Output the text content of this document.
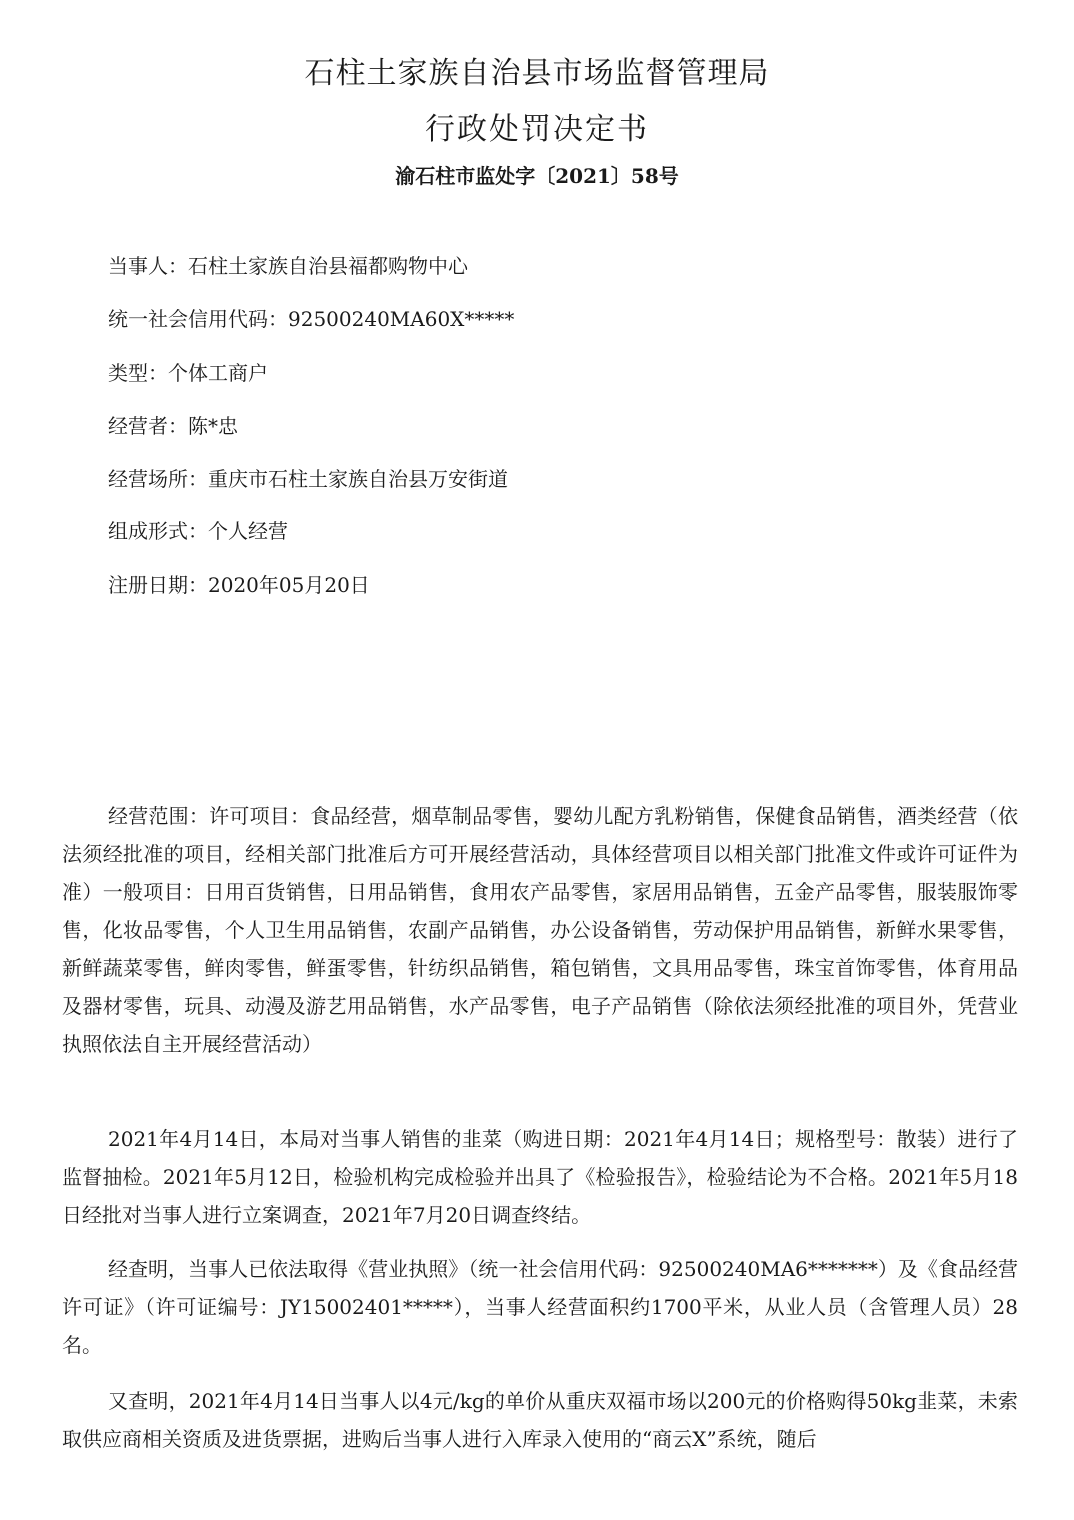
石柱土家族自治县市场监督管理局
行政处罚决定书
渝石柱市监处字〔2021〕58号
当事人：石柱土家族自治县福都购物中心
统一社会信用代码：92500240MA60X*****
类型：个体工商户
经营者：陈*忠
经营场所：重庆市石柱土家族自治县万安街道
组成形式：个人经营
注册日期：2020年05月20日
经营范围：许可项目：食品经营，烟草制品零售，婴幼儿配方乳粉销售，保健食品销售，酒类经营（依法须经批准的项目，经相关部门批准后方可开展经营活动，具体经营项目以相关部门批准文件或许可证件为准）一般项目：日用百货销售，日用品销售，食用农产品零售，家居用品销售，五金产品零售，服装服饰零售，化妆品零售，个人卫生用品销售，农副产品销售，办公设备销售，劳动保护用品销售，新鲜水果零售，新鲜蔬菜零售，鲜肉零售，鲜蛋零售，针纺织品销售，箱包销售，文具用品零售，珠宝首饰零售，体育用品及器材零售，玩具、动漫及游艺用品销售，水产品零售，电子产品销售（除依法须经批准的项目外，凭营业执照依法自主开展经营活动）
2021年4月14日，本局对当事人销售的韭菜（购进日期：2021年4月14日；规格型号：散装）进行了监督抽检。2021年5月12日，检验机构完成检验并出具了《检验报告》，检验结论为不合格。2021年5月18日经批对当事人进行立案调查，2021年7月20日调查终结。
经查明，当事人已依法取得《营业执照》（统一社会信用代码：92500240MA6*******）及《食品经营许可证》（许可证编号：JY15002401*****），当事人经营面积约1700平米，从业人员（含管理人员）28名。
又查明，2021年4月14日当事人以4元/kg的单价从重庆双福市场以200元的价格购得50kg韭菜，未索取供应商相关资质及进货票据，进购后当事人进行入库录入使用的“商云X”系统，随后
